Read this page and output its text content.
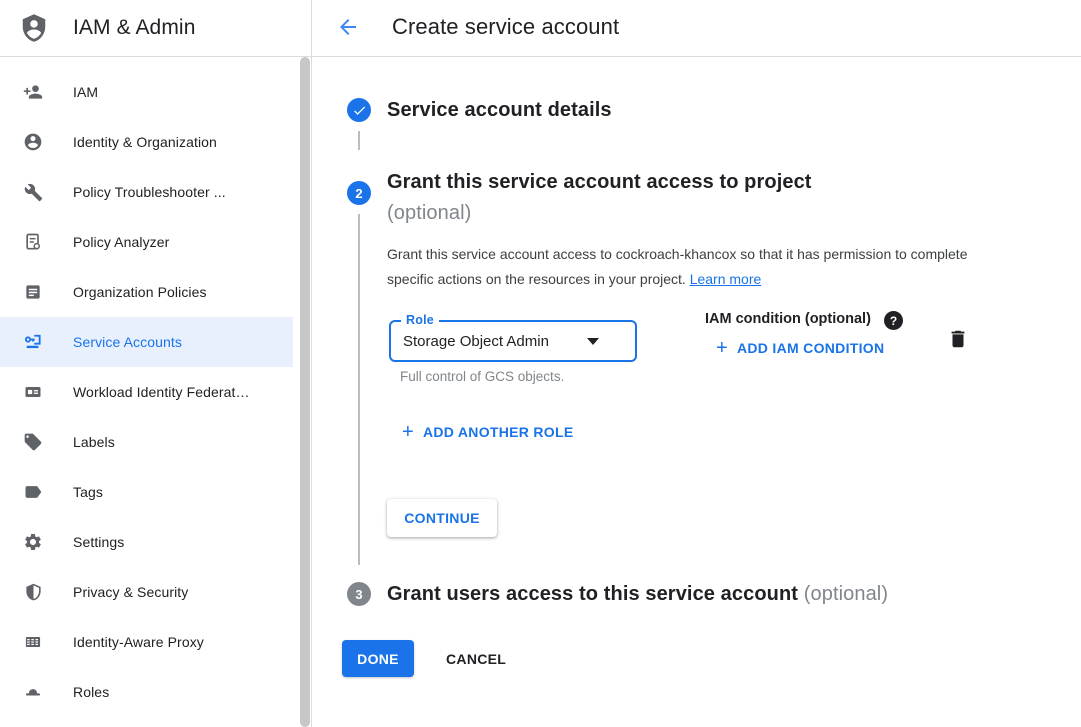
IAM & Admin
IAM
Identity & Organization
Policy Troubleshooter ...
Policy Analyzer
Organization Policies
Service Accounts
Workload Identity Federat…
Labels
Tags
Settings
Privacy & Security
Identity-Aware Proxy
Roles
Create service account
Service account details
2 Grant this service account access to project
(optional)
Grant this service account access to cockroach-khancox so that it has permission to complete specific actions on the resources in your project. Learn more
Role
Storage Object Admin
Full control of GCS objects.
IAM condition (optional) ?
+ ADD IAM CONDITION
+ ADD ANOTHER ROLE
CONTINUE
3 Grant users access to this service account (optional)
DONE	CANCEL
